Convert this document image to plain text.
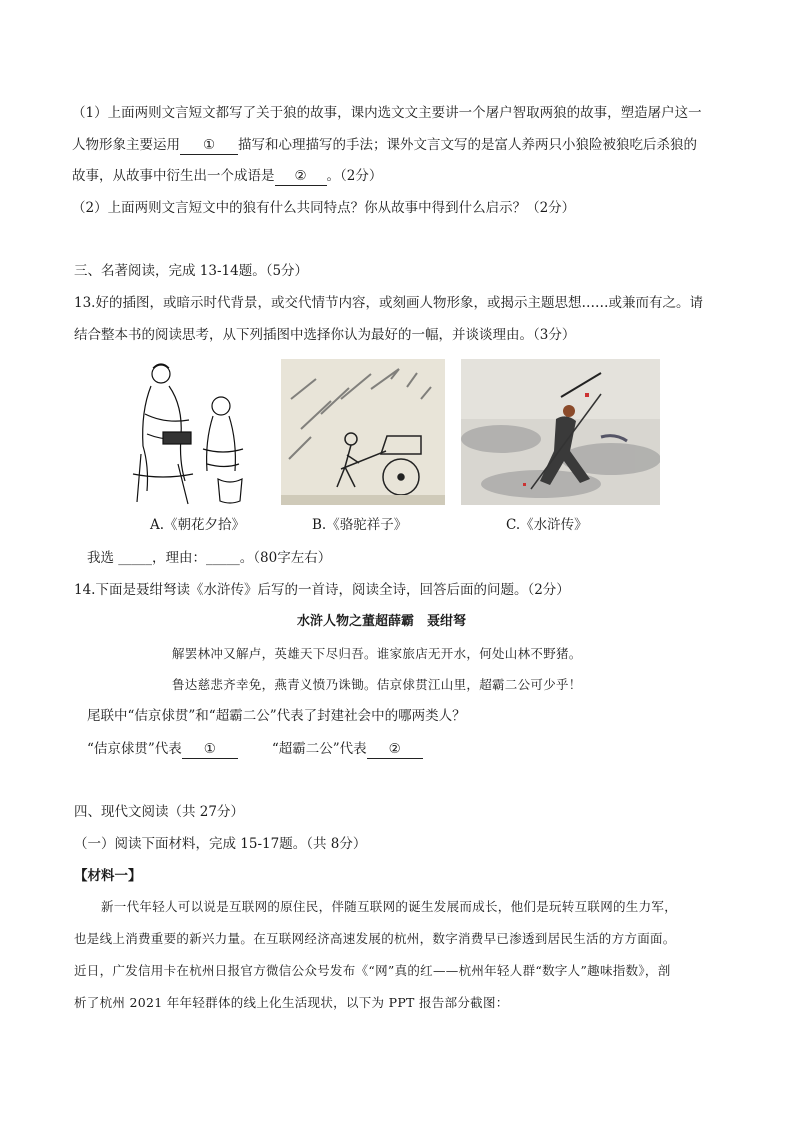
（1）上面两则文言短文都写了关于狼的故事，课内选文文主要讲一个屠户智取两狼的故事，塑造屠户这一
人物形象主要运用 ① 描写和心理描写的手法；课外文言文写的是富人养两只小狼险被狼吃后杀狼的
故事，从故事中衍生出一个成语是 ② 。（2分）
（2）上面两则文言短文中的狼有什么共同特点？你从故事中得到什么启示？（2分）
三、名著阅读，完成 13-14题。（5分）
13.好的插图，或暗示时代背景，或交代情节内容，或刻画人物形象，或揭示主题思想……或兼而有之。请
结合整本书的阅读思考，从下列插图中选择你认为最好的一幅，并谈谈理由。（3分）
A.《朝花夕拾》	B.《骆驼祥子》	C.《水浒传》
我选 _____，理由：_____。（80字左右）
14.下面是聂绀弩读《水浒传》后写的一首诗，阅读全诗，回答后面的问题。（2分）
水浒人物之董超薛霸　聂绀弩
解罢林冲又解卢，英雄天下尽归吾。谁家旅店无开水，何处山林不野猪。
鲁达慈悲齐幸免，燕青义愤乃诛锄。佶京俅贯江山里，超霸二公可少乎！
尾联中“佶京俅贯”和“超霸二公”代表了封建社会中的哪两类人？
“佶京俅贯”代表 ①	“超霸二公”代表 ②
四、现代文阅读（共 27分）
（一）阅读下面材料，完成 15-17题。（共 8分）
【材料一】
新一代年轻人可以说是互联网的原住民，伴随互联网的诞生发展而成长，他们是玩转互联网的生力军，
也是线上消费重要的新兴力量。在互联网经济高速发展的杭州，数字消费早已渗透到居民生活的方方面面。
近日，广发信用卡在杭州日报官方微信公众号发布《“网”真的红——杭州年轻人群“数字人”趣味指数》，剖
析了杭州 2021 年年轻群体的线上化生活现状，以下为 PPT 报告部分截图：
